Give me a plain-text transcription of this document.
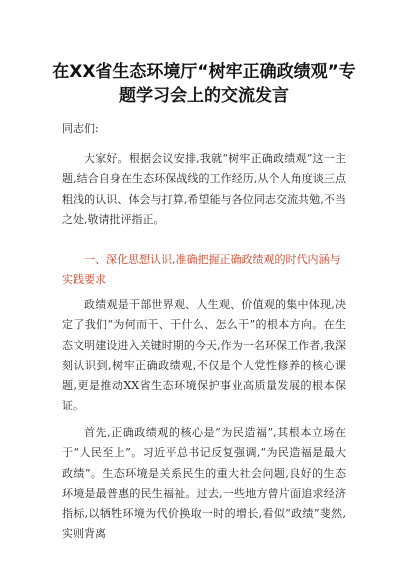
在XX省生态环境厅“树牢正确政绩观”专
题学习会上的交流发言

同志们:

大家好。根据会议安排,我就“树牢正确政绩观”这一主题,结合自身在生态环保战线的工作经历,从个人角度谈三点粗浅的认识、体会与打算,希望能与各位同志交流共勉,不当之处,敬请批评指正。

一、深化思想认识,准确把握正确政绩观的时代内涵与实践要求

政绩观是干部世界观、人生观、价值观的集中体现,决定了我们“为何而干、干什么、怎么干”的根本方向。在生态文明建设进入关键时期的今天,作为一名环保工作者,我深刻认识到,树牢正确政绩观,不仅是个人党性修养的核心课题,更是推动XX省生态环境保护事业高质量发展的根本保证。

首先,正确政绩观的核心是“为民造福”,其根本立场在于“人民至上”。习近平总书记反复强调,“为民造福是最大政绩”。生态环境是关系民生的重大社会问题,良好的生态环境是最普惠的民生福祉。过去,一些地方曾片面追求经济指标,以牺牲环境为代价换取一时的增长,看似“政绩”斐然,实则背离
